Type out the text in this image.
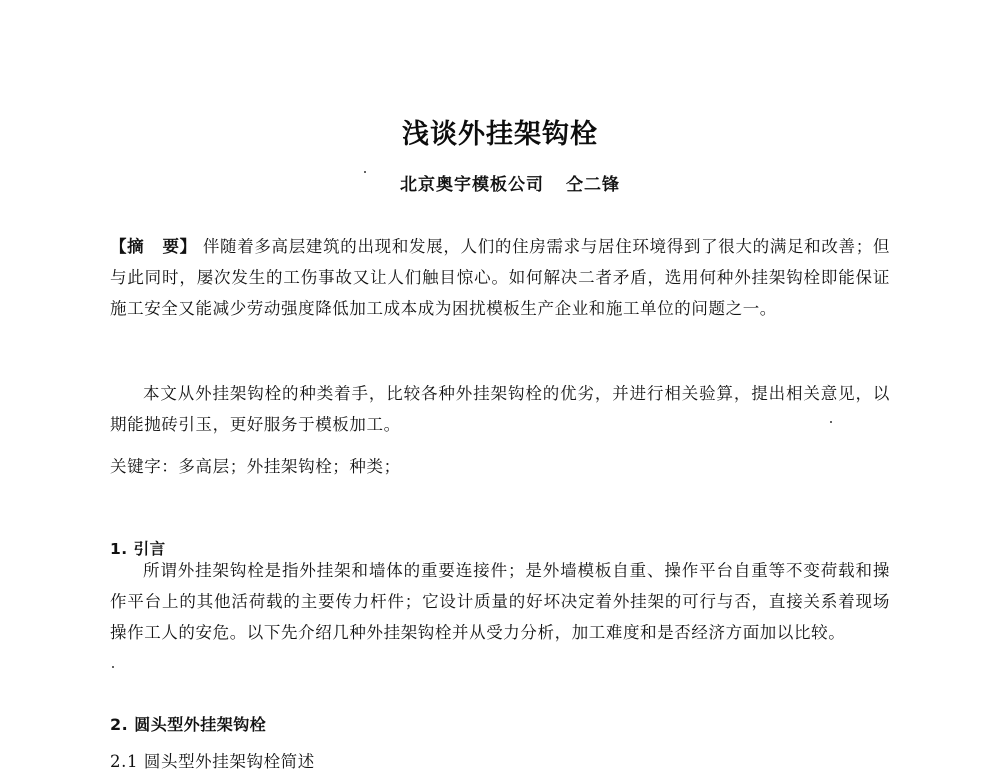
浅谈外挂架钩栓
北京奥宇模板公司 仝二锋
【摘 要】 伴随着多高层建筑的出现和发展，人们的住房需求与居住环境得到了很大的满足和改善；但与此同时，屡次发生的工伤事故又让人们触目惊心。如何解决二者矛盾，选用何种外挂架钩栓即能保证施工安全又能减少劳动强度降低加工成本成为困扰模板生产企业和施工单位的问题之一。
本文从外挂架钩栓的种类着手，比较各种外挂架钩栓的优劣，并进行相关验算，提出相关意见，以期能抛砖引玉，更好服务于模板加工。
关键字：多高层；外挂架钩栓；种类；
1. 引言
所谓外挂架钩栓是指外挂架和墙体的重要连接件；是外墙模板自重、操作平台自重等不变荷载和操作平台上的其他活荷载的主要传力杆件；它设计质量的好坏决定着外挂架的可行与否，直接关系着现场操作工人的安危。以下先介绍几种外挂架钩栓并从受力分析，加工难度和是否经济方面加以比较。
2. 圆头型外挂架钩栓
2.1 圆头型外挂架钩栓简述
